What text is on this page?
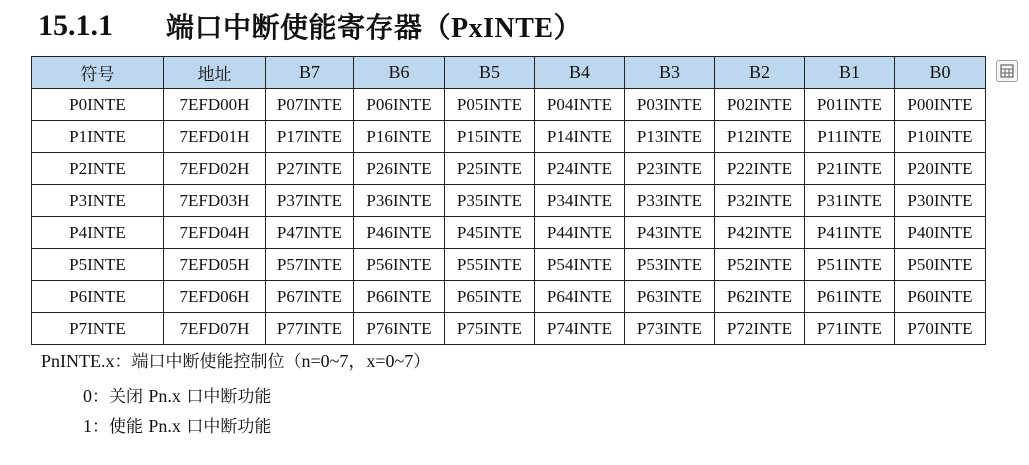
15.1.1	端口中断使能寄存器（PxINTE）
符号	地址	B7	B6	B5	B4	B3	B2	B1	B0
P0INTE	7EFD00H	P07INTE	P06INTE	P05INTE	P04INTE	P03INTE	P02INTE	P01INTE	P00INTE
P1INTE	7EFD01H	P17INTE	P16INTE	P15INTE	P14INTE	P13INTE	P12INTE	P11INTE	P10INTE
P2INTE	7EFD02H	P27INTE	P26INTE	P25INTE	P24INTE	P23INTE	P22INTE	P21INTE	P20INTE
P3INTE	7EFD03H	P37INTE	P36INTE	P35INTE	P34INTE	P33INTE	P32INTE	P31INTE	P30INTE
P4INTE	7EFD04H	P47INTE	P46INTE	P45INTE	P44INTE	P43INTE	P42INTE	P41INTE	P40INTE
P5INTE	7EFD05H	P57INTE	P56INTE	P55INTE	P54INTE	P53INTE	P52INTE	P51INTE	P50INTE
P6INTE	7EFD06H	P67INTE	P66INTE	P65INTE	P64INTE	P63INTE	P62INTE	P61INTE	P60INTE
P7INTE	7EFD07H	P77INTE	P76INTE	P75INTE	P74INTE	P73INTE	P72INTE	P71INTE	P70INTE
PnINTE.x：端口中断使能控制位（n=0~7，x=0~7）
0：关闭 Pn.x 口中断功能
1：使能 Pn.x 口中断功能
